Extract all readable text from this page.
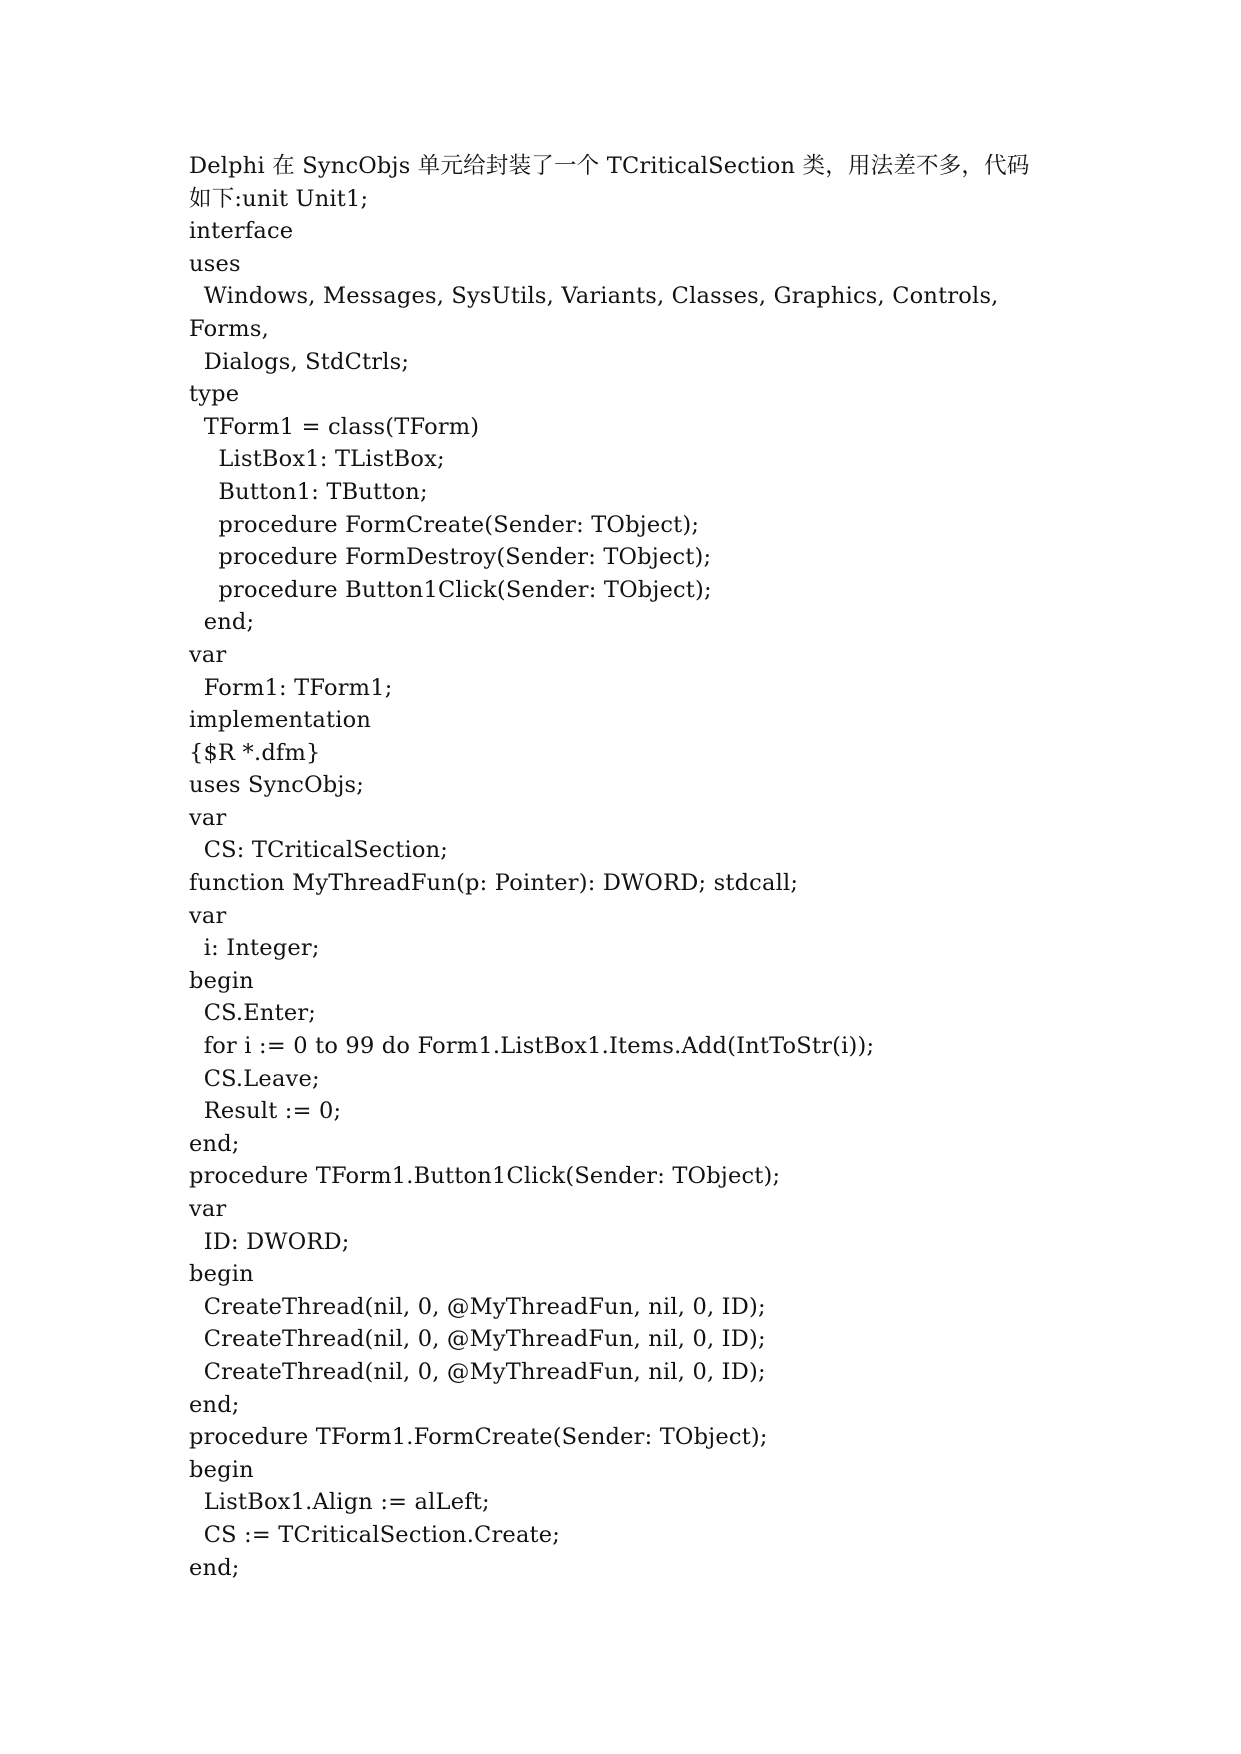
Delphi 在 SyncObjs 单元给封装了一个 TCriticalSection 类，用法差不多，代码
如下:unit Unit1;
interface
uses
Windows, Messages, SysUtils, Variants, Classes, Graphics, Controls,
Forms,
Dialogs, StdCtrls;
type
TForm1 = class(TForm)
ListBox1: TListBox;
Button1: TButton;
procedure FormCreate(Sender: TObject);
procedure FormDestroy(Sender: TObject);
procedure Button1Click(Sender: TObject);
end;
var
Form1: TForm1;
implementation
{$R *.dfm}
uses SyncObjs;
var
CS: TCriticalSection;
function MyThreadFun(p: Pointer): DWORD; stdcall;
var
i: Integer;
begin
CS.Enter;
for i := 0 to 99 do Form1.ListBox1.Items.Add(IntToStr(i));
CS.Leave;
Result := 0;
end;
procedure TForm1.Button1Click(Sender: TObject);
var
ID: DWORD;
begin
CreateThread(nil, 0, @MyThreadFun, nil, 0, ID);
CreateThread(nil, 0, @MyThreadFun, nil, 0, ID);
CreateThread(nil, 0, @MyThreadFun, nil, 0, ID);
end;
procedure TForm1.FormCreate(Sender: TObject);
begin
ListBox1.Align := alLeft;
CS := TCriticalSection.Create;
end;
